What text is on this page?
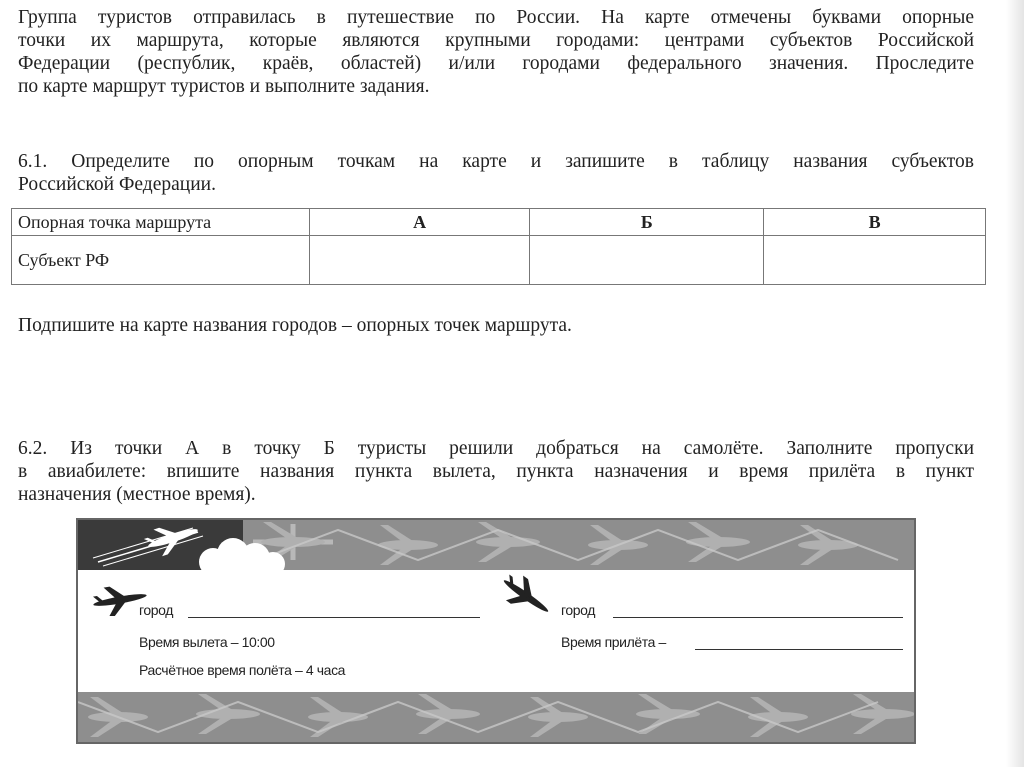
Группа туристов отправилась в путешествие по России. На карте отмечены буквами опорные
точки их маршрута, которые являются крупными городами: центрами субъектов Российской
Федерации (республик, краёв, областей) и/или городами федерального значения. Проследите
по карте маршрут туристов и выполните задания.
6.1. Определите по опорным точкам на карте и запишите в таблицу названия субъектов
Российской Федерации.
Опорная точка маршрута	А	Б	В
Субъект РФ			
Подпишите на карте названия городов – опорных точек маршрута.
6.2. Из точки А в точку Б туристы решили добраться на самолёте. Заполните пропуски
в авиабилете: впишите названия пункта вылета, пункта назначения и время прилёта в пункт
назначения (местное время).
город
Время вылета – 10:00
Расчётное время полёта – 4 часа
город
Время прилёта –
